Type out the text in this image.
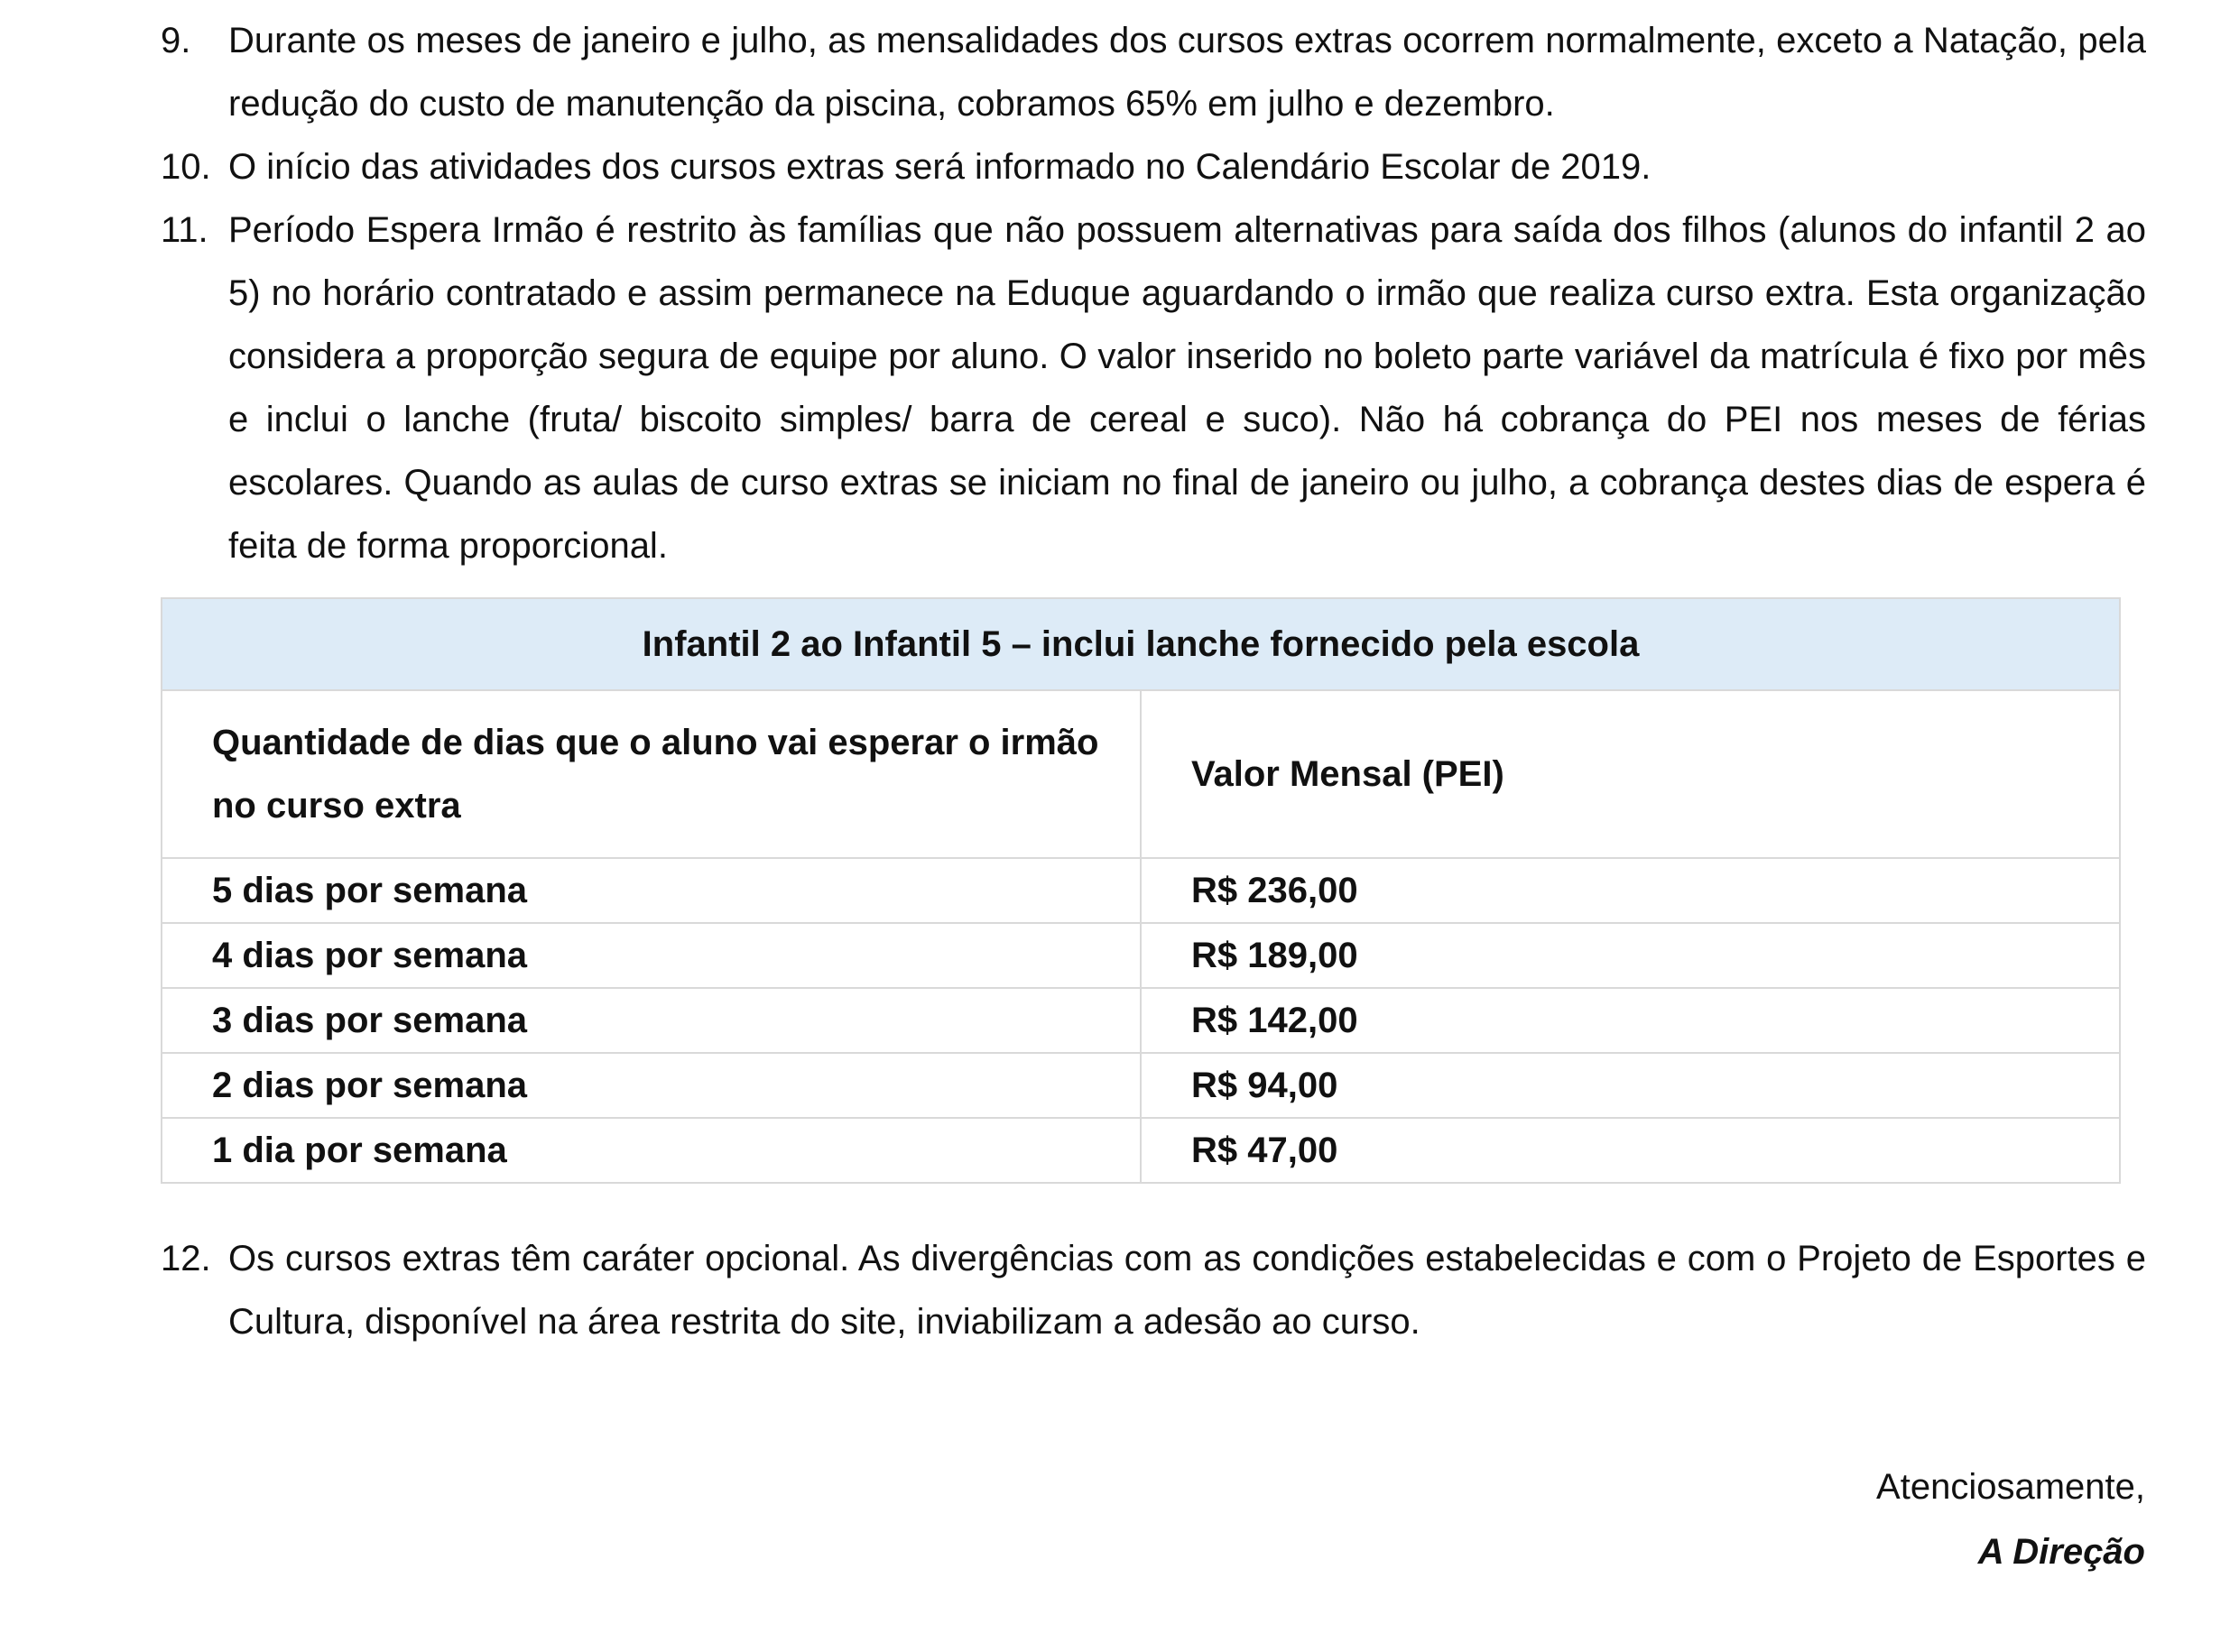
9. Durante os meses de janeiro e julho, as mensalidades dos cursos extras ocorrem normalmente, exceto a Natação, pela redução do custo de manutenção da piscina, cobramos 65% em julho e dezembro.
10. O início das atividades dos cursos extras será informado no Calendário Escolar de 2019.
11. Período Espera Irmão é restrito às famílias que não possuem alternativas para saída dos filhos (alunos do infantil 2 ao 5) no horário contratado e assim permanece na Eduque aguardando o irmão que realiza curso extra. Esta organização considera a proporção segura de equipe por aluno. O valor inserido no boleto parte variável da matrícula é fixo por mês e inclui o lanche (fruta/ biscoito simples/ barra de cereal e suco). Não há cobrança do PEI nos meses de férias escolares. Quando as aulas de curso extras se iniciam no final de janeiro ou julho, a cobrança destes dias de espera é feita de forma proporcional.
Infantil 2 ao Infantil 5 – inclui lanche fornecido pela escola	
Quantidade de dias que o aluno vai esperar o irmão no curso extra	Valor Mensal (PEI)
5 dias por semana	R$ 236,00
4 dias por semana	R$ 189,00
3 dias por semana	R$ 142,00
2 dias por semana	R$ 94,00
1 dia por semana	R$ 47,00
12. Os cursos extras têm caráter opcional. As divergências com as condições estabelecidas e com o Projeto de Esportes e Cultura, disponível na área restrita do site, inviabilizam a adesão ao curso.
Atenciosamente,
A Direção
